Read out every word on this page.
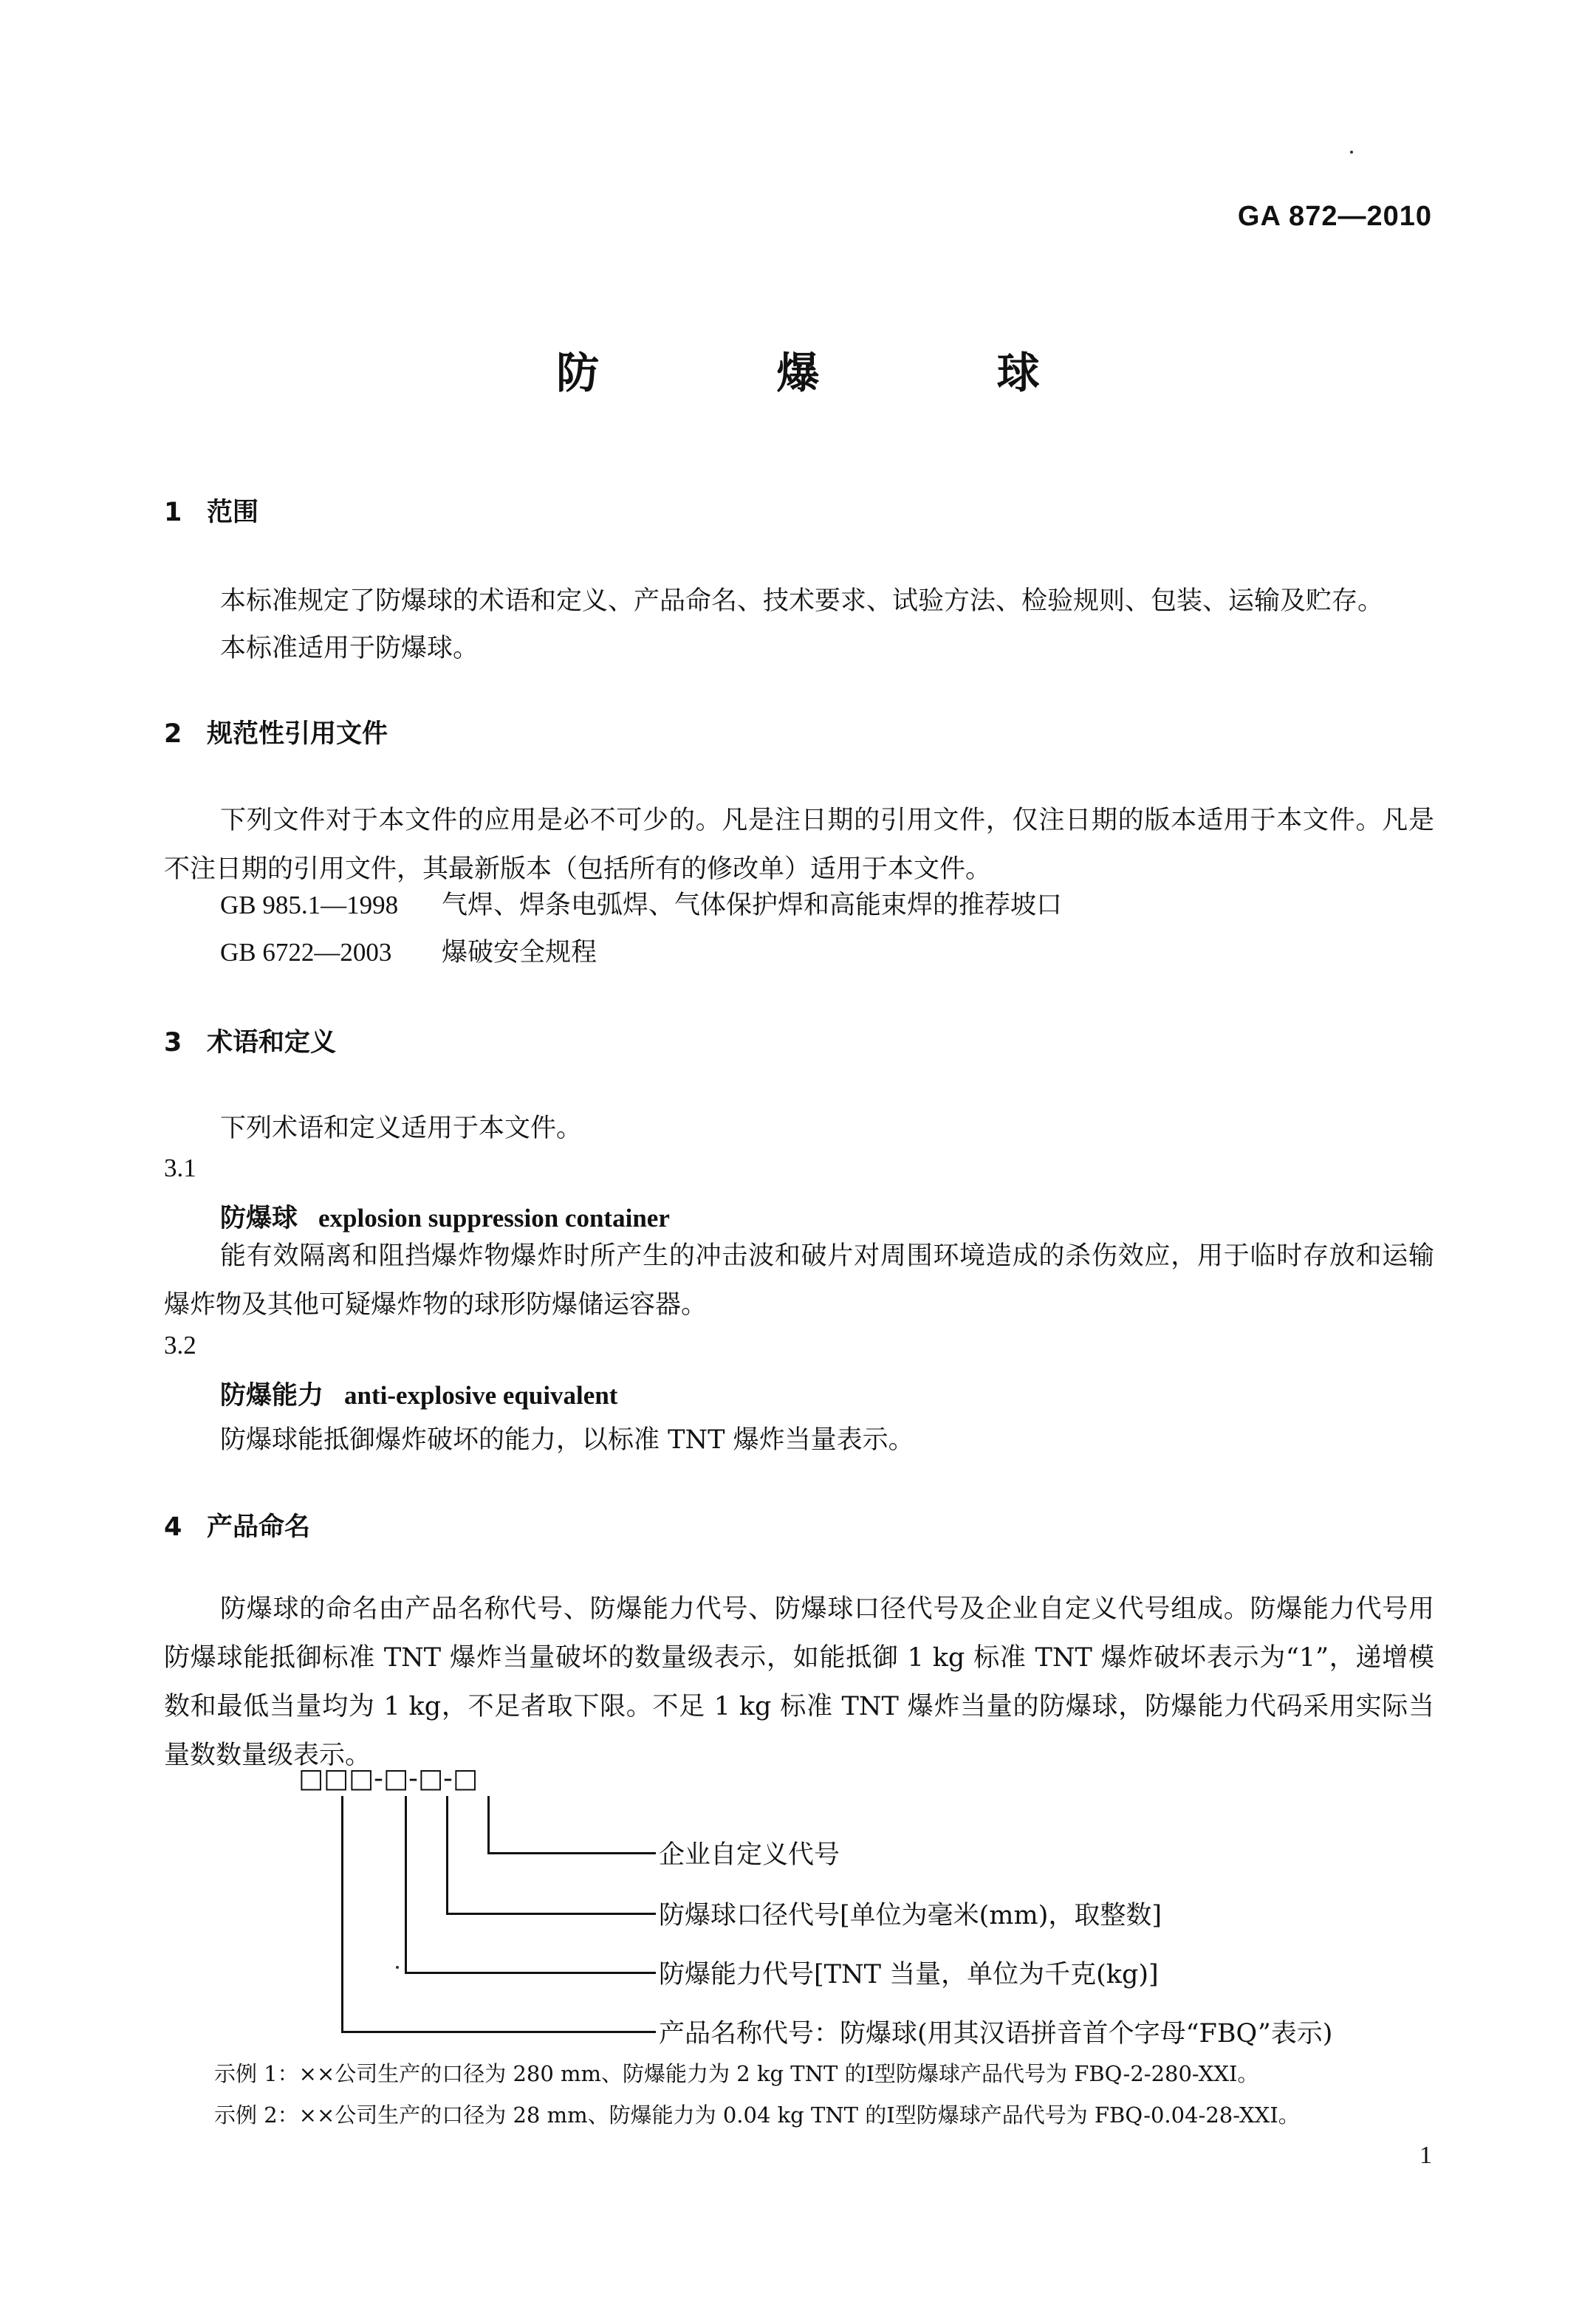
GA 872—2010
防 爆 球
1 范围
本标准规定了防爆球的术语和定义、产品命名、技术要求、试验方法、检验规则、包装、运输及贮存。
本标准适用于防爆球。
2 规范性引用文件
下列文件对于本文件的应用是必不可少的。凡是注日期的引用文件，仅注日期的版本适用于本文件。凡是不注日期的引用文件，其最新版本（包括所有的修改单）适用于本文件。
GB 985.1—1998 气焊、焊条电弧焊、气体保护焊和高能束焊的推荐坡口
GB 6722—2003 爆破安全规程
3 术语和定义
下列术语和定义适用于本文件。
3.1
防爆球 explosion suppression container
能有效隔离和阻挡爆炸物爆炸时所产生的冲击波和破片对周围环境造成的杀伤效应，用于临时存放和运输爆炸物及其他可疑爆炸物的球形防爆储运容器。
3.2
防爆能力 anti-explosive equivalent
防爆球能抵御爆炸破坏的能力，以标准 TNT 爆炸当量表示。
4 产品命名
防爆球的命名由产品名称代号、防爆能力代号、防爆球口径代号及企业自定义代号组成。防爆能力代号用防爆球能抵御标准 TNT 爆炸当量破坏的数量级表示，如能抵御 1 kg 标准 TNT 爆炸破坏表示为“1”，递增模数和最低当量均为 1 kg，不足者取下限。不足 1 kg 标准 TNT 爆炸当量的防爆球，防爆能力代码采用实际当量数数量级表示。
□□□-□-□-□
企业自定义代号
防爆球口径代号[单位为毫米(mm)，取整数]
防爆能力代号[TNT 当量，单位为千克(kg)]
产品名称代号：防爆球(用其汉语拼音首个字母“FBQ”表示)
示例 1：××公司生产的口径为 280 mm、防爆能力为 2 kg TNT 的Ⅰ型防爆球产品代号为 FBQ-2-280-XXI。
示例 2：××公司生产的口径为 28 mm、防爆能力为 0.04 kg TNT 的Ⅰ型防爆球产品代号为 FBQ-0.04-28-XXI。
1
